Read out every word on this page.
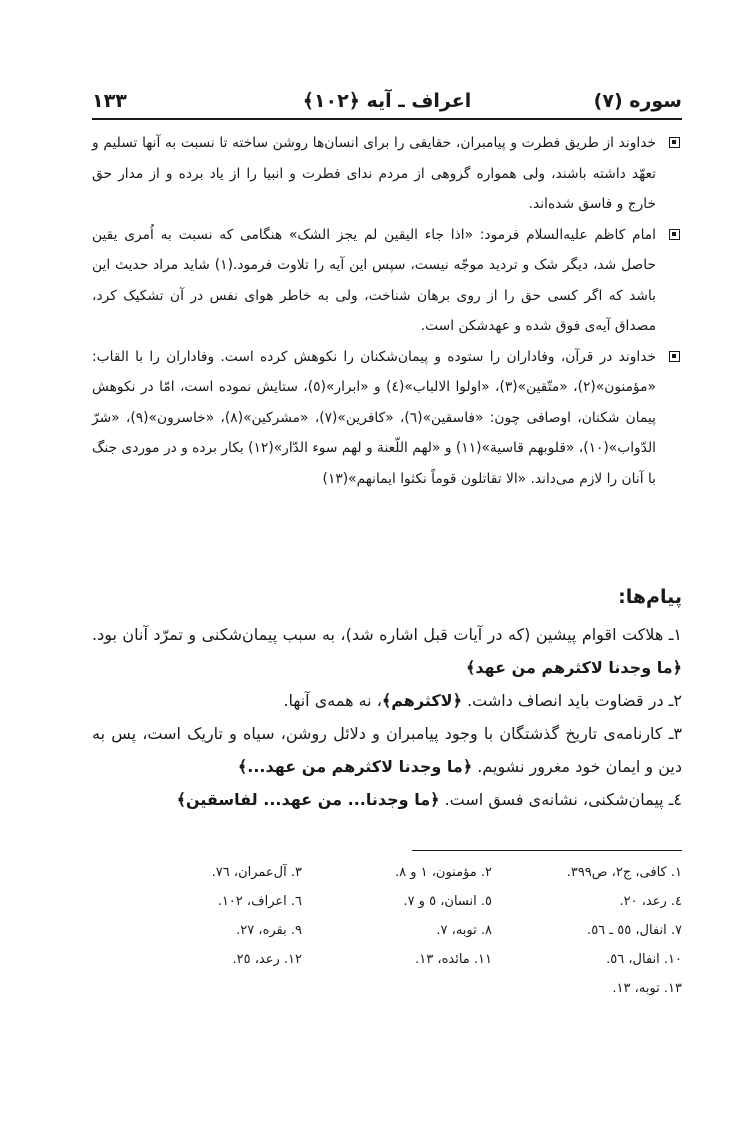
سوره (٧)
اعراف ـ آیه ﴿١٠٢﴾
١٣٣

خداوند از طریق فطرت و پیامبران، حقایقی را برای انسان‌ها روشن ساخته تا نسبت به آنها تسلیم و تعهّد داشته باشند، ولی همواره گروهی از مردم ندای فطرت و انبیا را از یاد برده و از مدار حق خارج و فاسق شده‌اند.

امام کاظم علیه‌السلام فرمود: «اذا جاء الیقین لم یجز الشک» هنگامی که نسبت به اُمری یقین حاصل شد، دیگر شک و تردید موجّه نیست، سپس این آیه را تلاوت فرمود.(١) شاید مراد حدیث این باشد که اگر کسی حق را از روی برهان شناخت، ولی به خاطر هوای نفس در آن تشکیک کرد، مصداق آیه‌ی فوق شده و عهدشکن است.

خداوند در قرآن، وفاداران را ستوده و پیمان‌شکنان را نکوهش کرده است. وفاداران را با القاب: «مؤمنون»(٢)، «متّقین»(٣)، «اولوا الالباب»(٤) و «ابرار»(٥)، ستایش نموده است، امّا در نکوهش پیمان شکنان، اوصافی چون: «فاسقین»(٦)، «کافرین»(٧)، «مشرکین»(٨)، «خاسرون»(٩)، «شرّ الدّواب»(١٠)، «قلوبهم قاسیة»(١١) و «لهم اللّعنة و لهم سوء الدّار»(١٢) بکار برده و در موردی جنگ با آنان را لازم می‌داند. «الا تقاتلون قوماً نکثوا ایمانهم»(١٣)

پیام‌ها:

١ـ هلاکت اقوام پیشین (که در آیات قبل اشاره شد)، به سبب پیمان‌شکنی و تمرّد آنان بود. ﴿ما وجدنا لاکثرهم من عهد﴾

٢ـ در قضاوت باید انصاف داشت. ﴿لاکثرهم﴾، نه همه‌ی آنها.

٣ـ کارنامه‌ی تاریخ گذشتگان با وجود پیامبران و دلائل روشن، سیاه و تاریک است، پس به دین و ایمان خود مغرور نشویم. ﴿ما وجدنا لاکثرهم من عهد...﴾

٤ـ پیمان‌شکنی، نشانه‌ی فسق است. ﴿ما وجدنا... من عهد... لفاسقین﴾

١. کافی، ج٢، ص٣٩٩.
٢. مؤمنون، ١ و ٨.
٣. آل‌عمران، ٧٦.
٤. رعد، ٢٠.
٥. انسان، ٥ و ٧.
٦. اعراف، ١٠٢.
٧. انفال، ٥٥ ـ ٥٦.
٨. توبه، ٧.
٩. بقره، ٢٧.
١٠. انفال، ٥٦.
١١. مائده، ١٣.
١٢. رعد، ٢٥.
١٣. توبه، ١٣.
